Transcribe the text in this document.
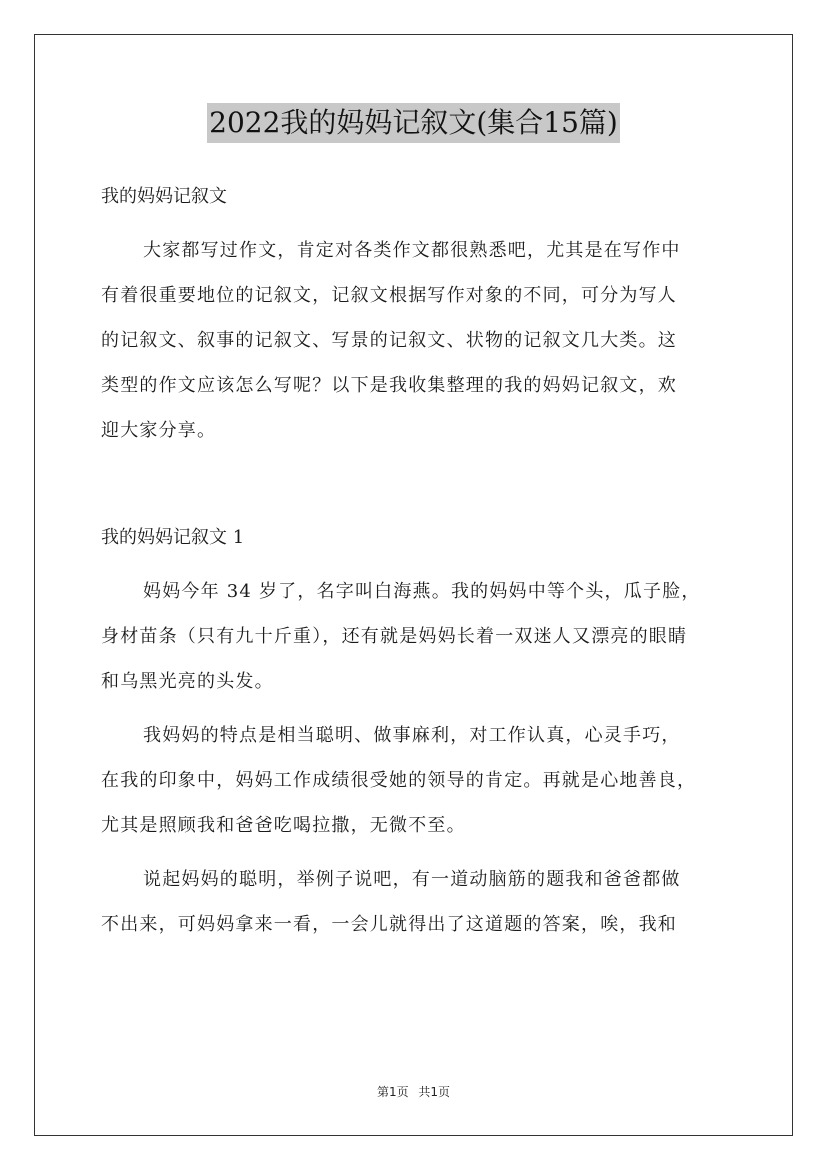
2022我的妈妈记叙文(集合15篇)
我的妈妈记叙文
大家都写过作文，肯定对各类作文都很熟悉吧，尤其是在写作中
有着很重要地位的记叙文，记叙文根据写作对象的不同，可分为写人
的记叙文、叙事的记叙文、写景的记叙文、状物的记叙文几大类。这
类型的作文应该怎么写呢？以下是我收集整理的我的妈妈记叙文，欢
迎大家分享。
我的妈妈记叙文 1
妈妈今年 34 岁了，名字叫白海燕。我的妈妈中等个头，瓜子脸，
身材苗条（只有九十斤重），还有就是妈妈长着一双迷人又漂亮的眼睛
和乌黑光亮的头发。
我妈妈的特点是相当聪明、做事麻利，对工作认真，心灵手巧，
在我的印象中，妈妈工作成绩很受她的领导的肯定。再就是心地善良，
尤其是照顾我和爸爸吃喝拉撒，无微不至。
说起妈妈的聪明，举例子说吧，有一道动脑筋的题我和爸爸都做
不出来，可妈妈拿来一看，一会儿就得出了这道题的答案，唉，我和
第1页 共1页
